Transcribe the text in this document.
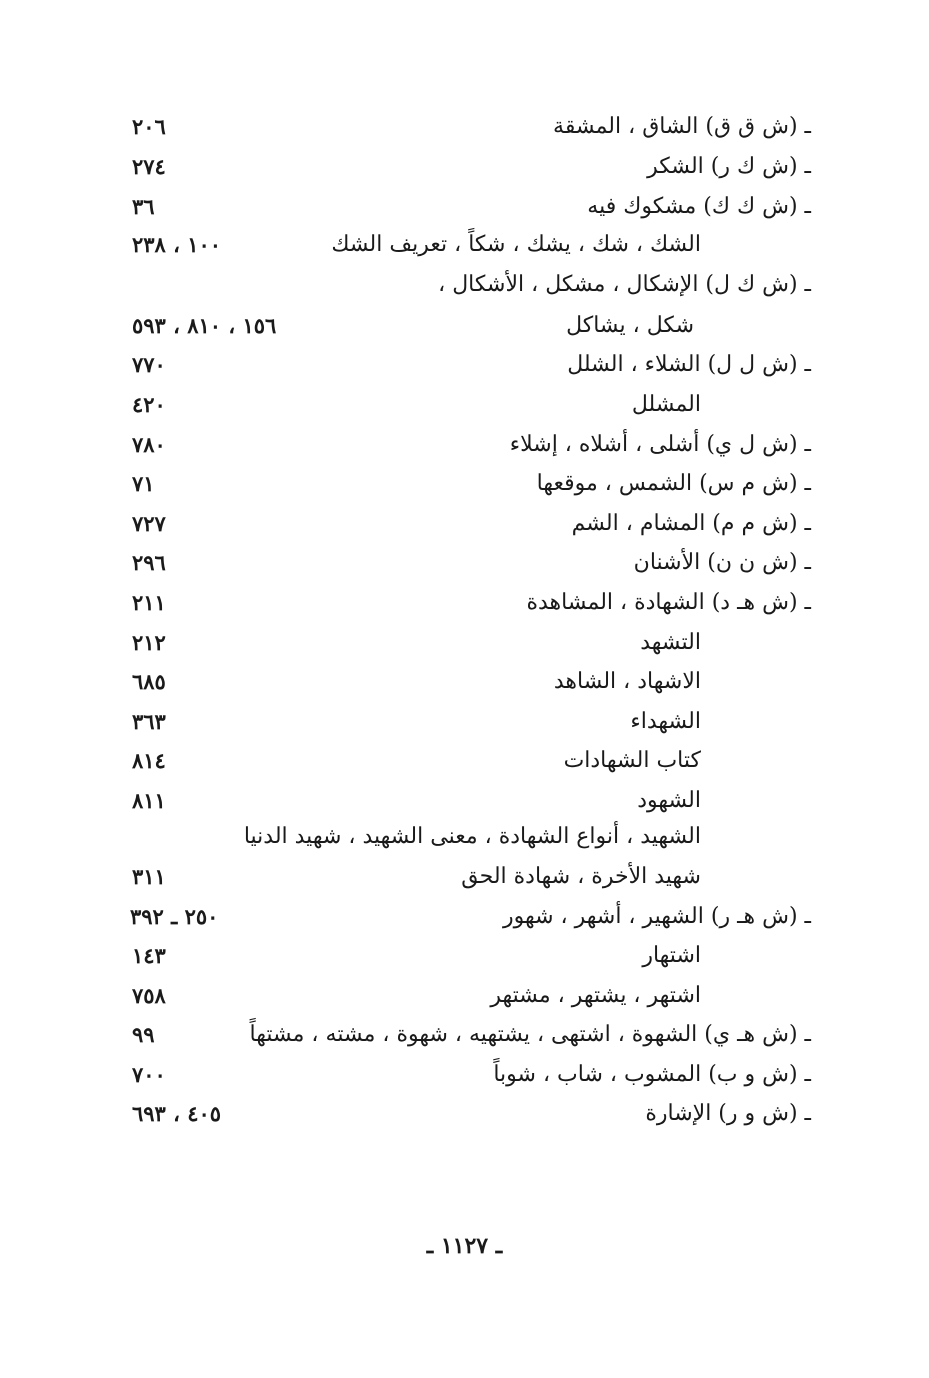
ـ (ش ق ق) الشاق ، المشقة
٢٠٦
ـ (ش ك ر) الشكر
٢٧٤
ـ (ش ك ك) مشكوك فيه
٣٦
الشك ، شك ، يشك ، شكاً ، تعريف الشك
١٠٠ ، ٢٣٨
ـ (ش ك ل) الإشكال ، مشكل ، الأشكال ،
شكل ، يشاكل
١٥٦ ، ٨١٠ ، ٥٩٣
ـ (ش ل ل) الشلاء ، الشلل
٧٧٠
المشلل
٤٢٠
ـ (ش ل ي) أشلى ، أشلاه ، إشلاء
٧٨٠
ـ (ش م س) الشمس ، موقعها
٧١
ـ (ش م م) المشام ، الشم
٧٢٧
ـ (ش ن ن) الأشنان
٢٩٦
ـ (ش هـ د) الشهادة ، المشاهدة
٢١١
التشهد
٢١٢
الاشهاد ، الشاهد
٦٨٥
الشهداء
٣٦٣
كتاب الشهادات
٨١٤
الشهود
٨١١
الشهيد ، أنواع الشهادة ، معنى الشهيد ، شهيد الدنيا
شهيد الأخرة ، شهادة الحق
٣١١
ـ (ش هـ ر) الشهير ، أشهر ، شهور
٢٥٠ ـ ٣٩٢
اشتهار
١٤٣
اشتهر ، يشتهر ، مشتهر
٧٥٨
ـ (ش هـ ي) الشهوة ، اشتهى ، يشتهيه ، شهوة ، مشته ، مشتهاً
٩٩
ـ (ش و ب) المشوب ، شاب ، شوباً
٧٠٠
ـ (ش و ر) الإشارة
٤٠٥ ، ٦٩٣
ـ ١١٢٧ ـ
